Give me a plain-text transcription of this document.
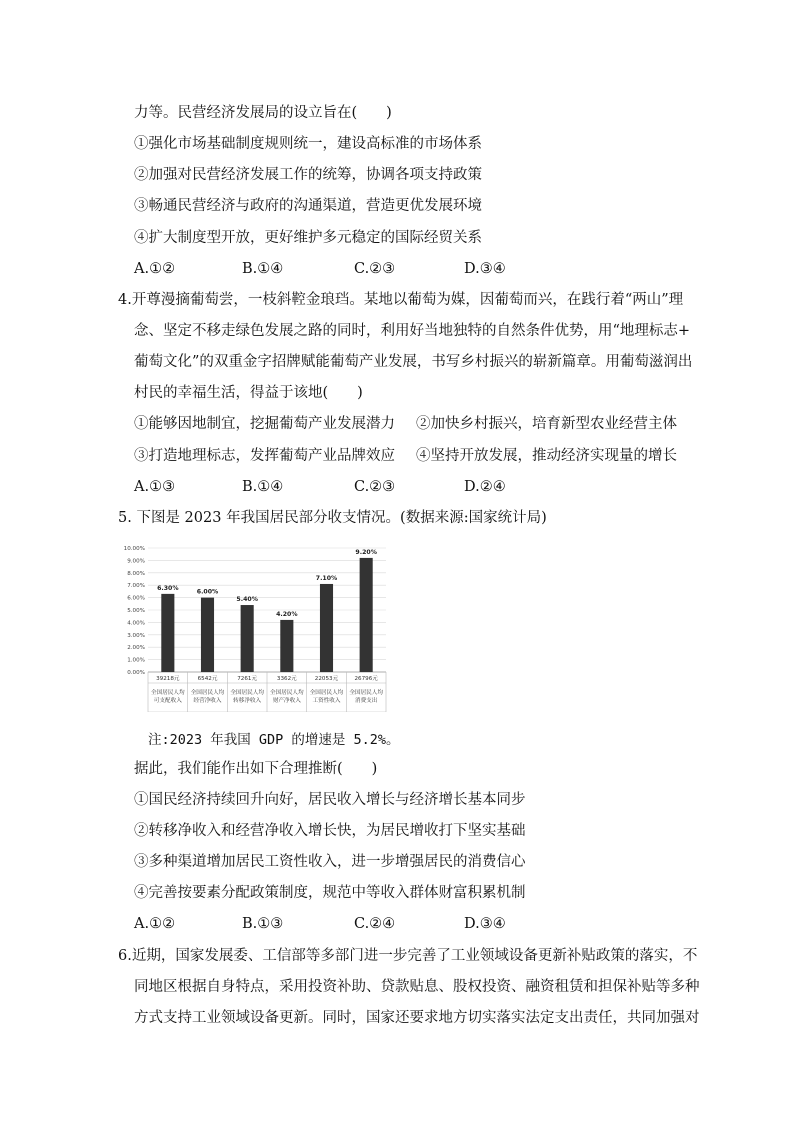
力等。民营经济发展局的设立旨在(　　)
①强化市场基础制度规则统一，建设高标准的市场体系
②加强对民营经济发展工作的统筹，协调各项支持政策
③畅通民营经济与政府的沟通渠道，营造更优发展环境
④扩大制度型开放，更好维护多元稳定的国际经贸关系
A.①②	B.①④	C.②③	D.③④
4.开尊漫摘葡萄尝，一枝斜鞚金琅珰。某地以葡萄为媒，因葡萄而兴，在践行着“两山”理
念、坚定不移走绿色发展之路的同时，利用好当地独特的自然条件优势，用“地理标志+
葡萄文化”的双重金字招牌赋能葡萄产业发展，书写乡村振兴的崭新篇章。用葡萄滋润出
村民的幸福生活，得益于该地(　　)
①能够因地制宜，挖掘葡萄产业发展潜力 ②加快乡村振兴，培育新型农业经营主体
③打造地理标志，发挥葡萄产业品牌效应 ④坚持开放发展，推动经济实现量的增长
A.①③	B.①④	C.②③	D.②④
5. 下图是 2023 年我国居民部分收支情况。(数据来源:国家统计局)
0.00%
1.00%
2.00%
3.00%
4.00%
5.00%
6.00%
7.00%
8.00%
9.00%
10.00%
6.30%
39218元
全国居民人均
可支配收入
6.00%
6542元
全国居民人均
经营净收入
5.40%
7261元
全国居民人均
转移净收入
4.20%
3362元
全国居民人均
财产净收入
7.10%
22053元
全国居民人均
工资性收入
9.20%
26796元
全国居民人均
消费支出
注:2023 年我国 GDP 的增速是 5.2%。
据此，我们能作出如下合理推断(　　)
①国民经济持续回升向好，居民收入增长与经济增长基本同步
②转移净收入和经营净收入增长快，为居民增收打下坚实基础
③多种渠道增加居民工资性收入，进一步增强居民的消费信心
④完善按要素分配政策制度，规范中等收入群体财富积累机制
A.①②	B.①③	C.②④	D.③④
6.近期，国家发展委、工信部等多部门进一步完善了工业领域设备更新补贴政策的落实，不
同地区根据自身特点，采用投资补助、贷款贴息、股权投资、融资租赁和担保补贴等多种
方式支持工业领域设备更新。同时，国家还要求地方切实落实法定支出责任，共同加强对
